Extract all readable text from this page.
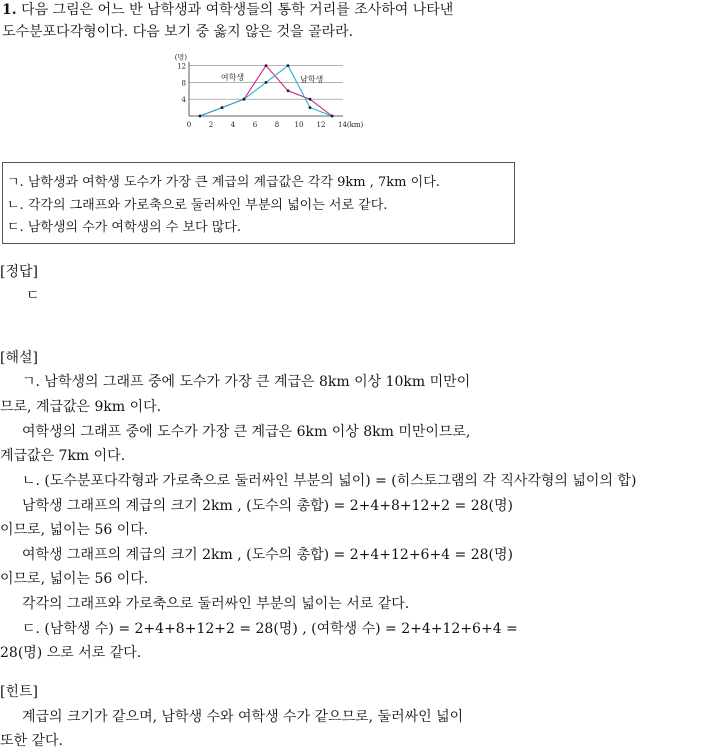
1. 다음 그림은 어느 반 남학생과 여학생들의 통학 거리를 조사하여 나타낸
도수분포다각형이다. 다음 보기 중 옳지 않은 것을 골라라.
4
8
12
(명)
0	2	4	6	8 10 12 14(km)
여학생	남학생
ㄱ. 남학생과 여학생 도수가 가장 큰 계급의 계급값은 각각 9km , 7km 이다.
ㄴ. 각각의 그래프와 가로축으로 둘러싸인 부분의 넓이는 서로 같다.
ㄷ. 남학생의 수가 여학생의 수 보다 많다.
[정답]
ㄷ
[해설]
ㄱ. 남학생의 그래프 중에 도수가 가장 큰 계급은 8km 이상 10km 미만이
므로, 계급값은 9km 이다.
여학생의 그래프 중에 도수가 가장 큰 계급은 6km 이상 8km 미만이므로,
계급값은 7km 이다.
ㄴ. (도수분포다각형과 가로축으로 둘러싸인 부분의 넓이) = (히스토그램의 각 직사각형의 넓이의 합)
남학생 그래프의 계급의 크기 2km , (도수의 총합) = 2+4+8+12+2 = 28(명)
이므로, 넓이는 56 이다.
여학생 그래프의 계급의 크기 2km , (도수의 총합) = 2+4+12+6+4 = 28(명)
이므로, 넓이는 56 이다.
각각의 그래프와 가로축으로 둘러싸인 부분의 넓이는 서로 같다.
ㄷ. (남학생 수) = 2+4+8+12+2 = 28(명) , (여학생 수) = 2+4+12+6+4 =
28(명) 으로 서로 같다.
[힌트]
계급의 크기가 같으며, 남학생 수와 여학생 수가 같으므로, 둘러싸인 넓이
또한 같다.
